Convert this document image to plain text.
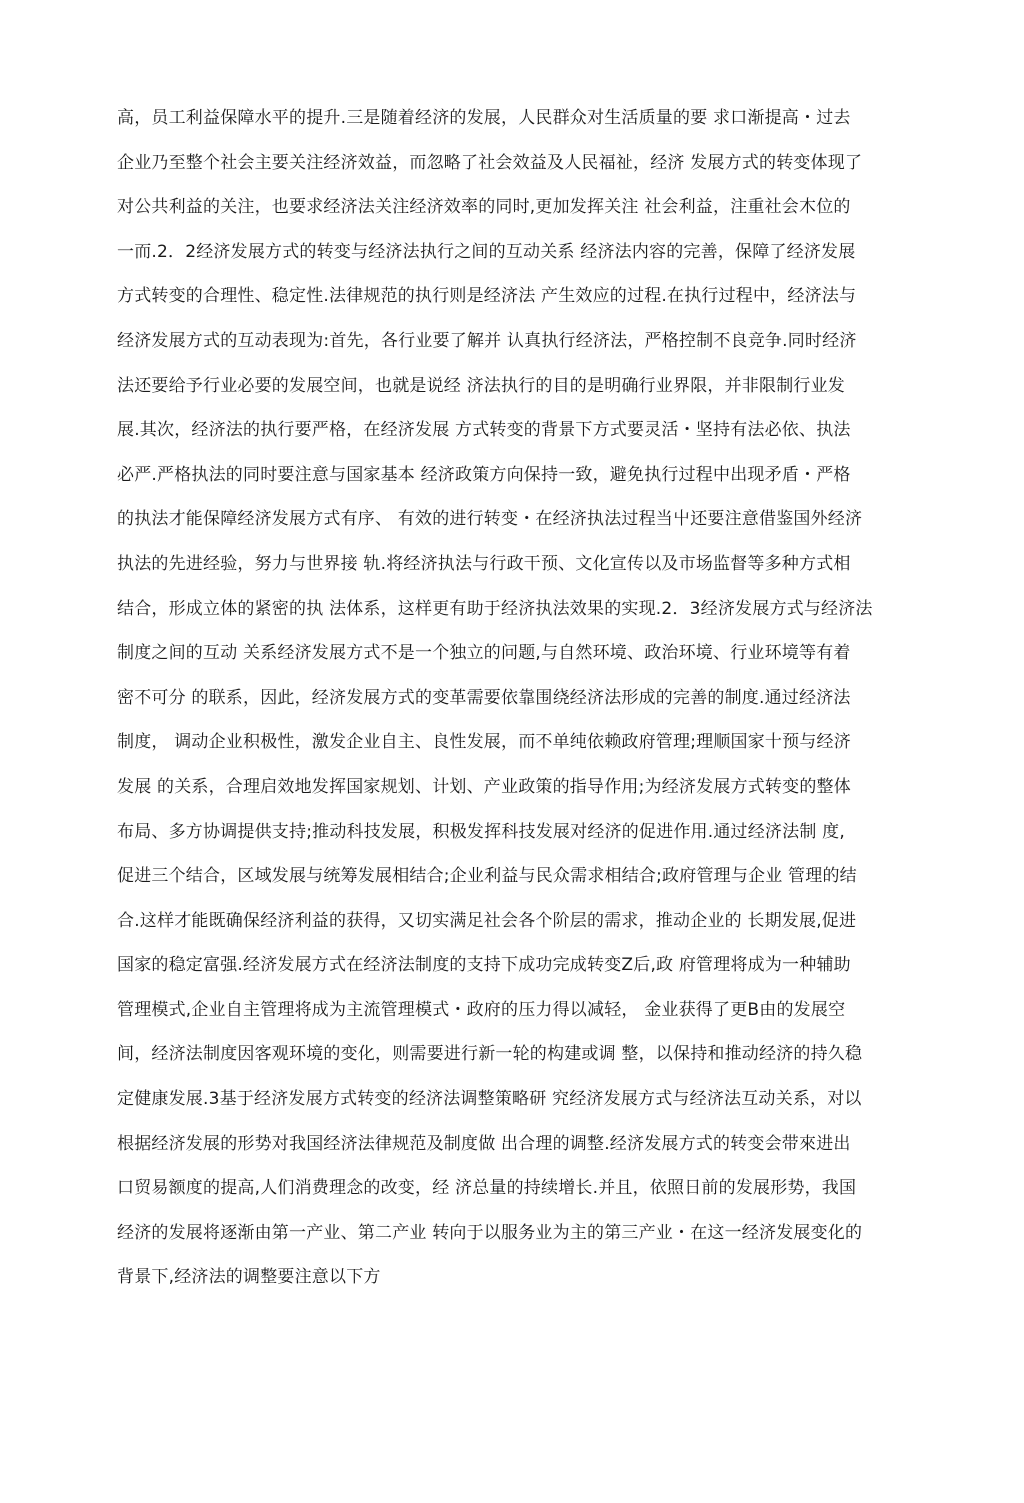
高，员工利益保障水平的提升.三是随着经济的发展，人民群众对生活质量的要 求口渐提高・过去
企业乃至整个社会主要关注经济效益，而忽略了社会效益及人民福祉，经济 发展方式的转变体现了
对公共利益的关注，也要求经济法关注经济效率的同时,更加发挥关注 社会利益，注重社会木位的
一而.2．2经济发展方式的转变与经济法执行之间的互动关系 经济法内容的完善，保障了经济发展
方式转变的合理性、稳定性.法律规范的执行则是经济法 产生效应的过程.在执行过程中，经济法与
经济发展方式的互动表现为:首先，各行业要了解并 认真执行经济法，严格控制不良竞争.同时经济
法还要给予行业必要的发展空间，也就是说经 济法执行的目的是明确行业界限，并非限制行业发
展.其次，经济法的执行要严格，在经济发展 方式转变的背景下方式要灵活・坚持有法必依、执法
必严.严格执法的同时要注意与国家基本 经济政策方向保持一致，避免执行过程中出现矛盾・严格
的执法才能保障经济发展方式有序、 有效的进行转变・在经济执法过程当屮还要注意借鉴国外经济
执法的先进经验，努力与世界接 轨.将经济执法与行政干预、文化宣传以及市场监督等多种方式相
结合，形成立体的紧密的执 法体系，这样更有助于经济执法效果的实现.2．3经济发展方式与经济法
制度之间的互动 关系经济发展方式不是一个独立的问题,与自然环境、政治环境、行业环境等有着
密不可分 的联系，因此，经济发展方式的变革需要依靠围绕经济法形成的完善的制度.通过经济法
制度， 调动企业积极性，激发企业自主、良性发展，而不单纯依赖政府管理;理顺国家十预与经济
发展 的关系，合理启效地发挥国家规划、计划、产业政策的指导作用;为经济发展方式转变的整体
布局、多方协调提供支持;推动科技发展，积极发挥科技发展对经济的促进作用.通过经济法制 度,
促进三个结合，区域发展与统筹发展相结合;企业利益与民众需求相结合;政府管理与企业 管理的结
合.这样才能既确保经济利益的获得，又切实满足社会各个阶层的需求，推动企业的 长期发展,促进
国家的稳定富强.经济发展方式在经济法制度的支持下成功完成转变Z后,政 府管理将成为一种辅助
管理模式,企业自主管理将成为主流管理模式・政府的压力得以减轻， 金业获得了更B由的发展空
间，经济法制度因客观环境的变化，则需要进行新一轮的构建或调 整，以保持和推动经济的持久稳
定健康发展.3基于经济发展方式转变的经济法调整策略研 究经济发展方式与经济法互动关系，对以
根据经济发展的形势对我国经济法律规范及制度做 出合理的调整.经济发展方式的转变会带來进出
口贸易额度的提高,人们消费理念的改变，经 济总量的持续增长.并且，依照日前的发展形势，我国
经济的发展将逐渐由第一产业、第二产业 转向于以服务业为主的第三产业・在这一经济发展变化的
背景下,经济法的调整要注意以下方
